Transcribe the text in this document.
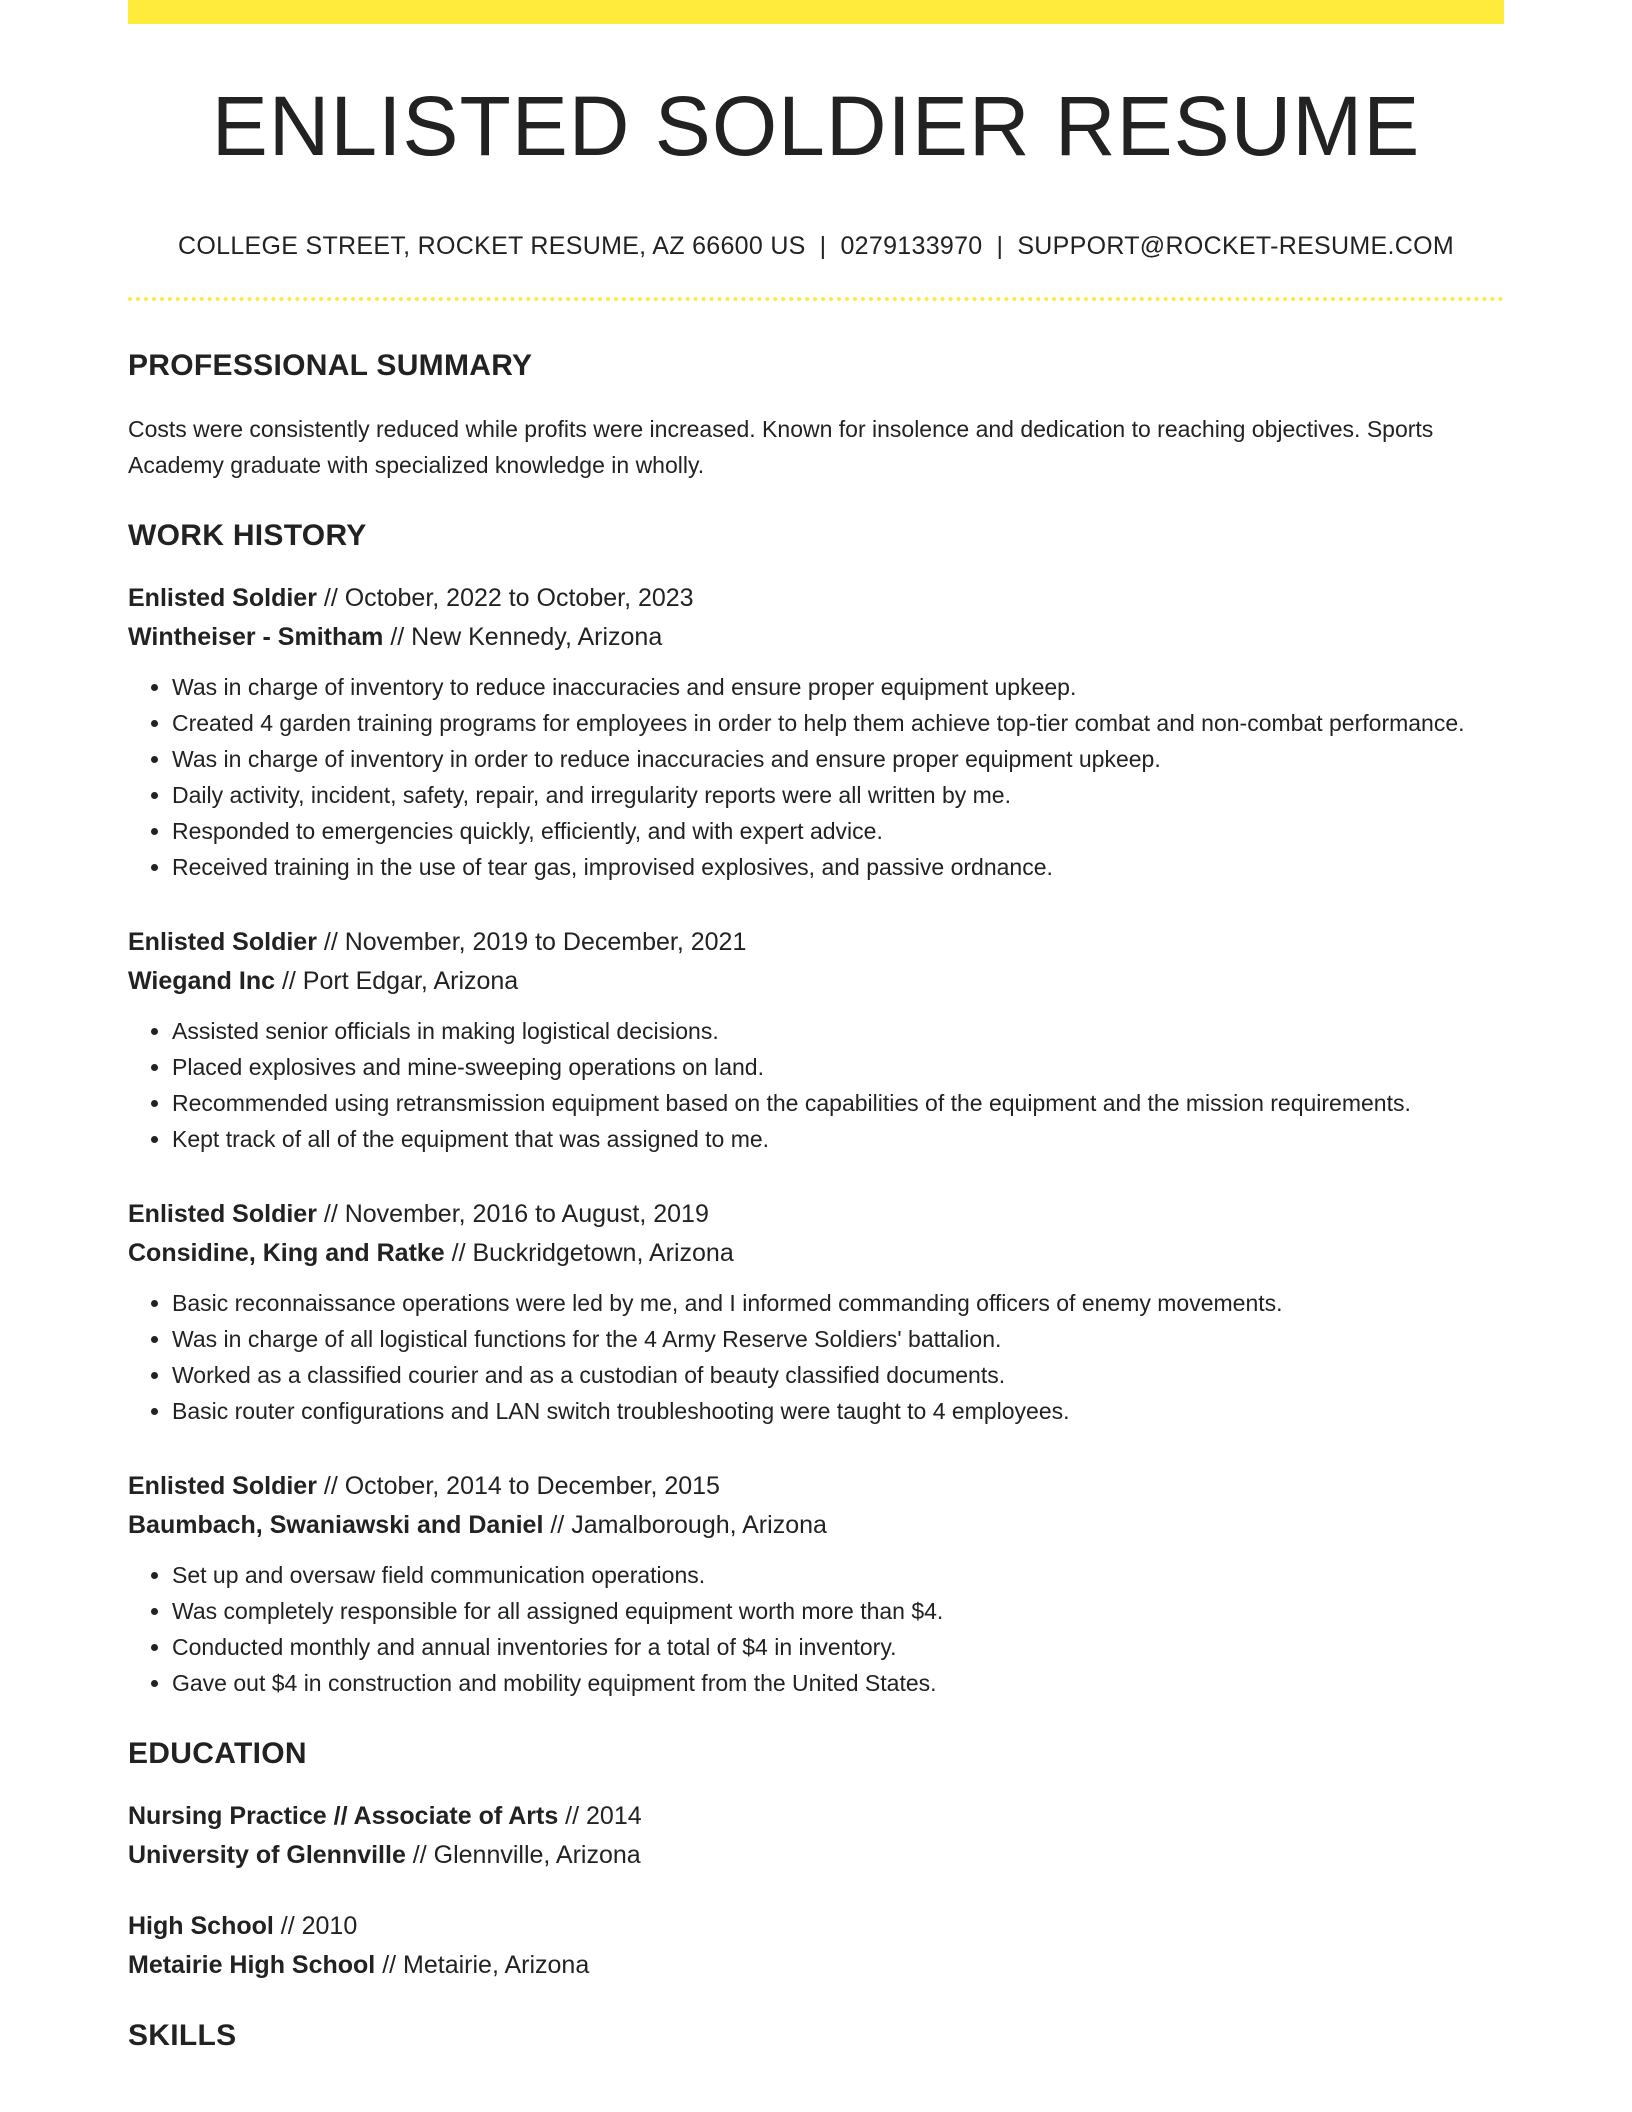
ENLISTED SOLDIER RESUME
COLLEGE STREET, ROCKET RESUME, AZ 66600 US | 0279133970 | SUPPORT@ROCKET-RESUME.COM
PROFESSIONAL SUMMARY
Costs were consistently reduced while profits were increased. Known for insolence and dedication to reaching objectives. Sports Academy graduate with specialized knowledge in wholly.
WORK HISTORY
Enlisted Soldier // October, 2022 to October, 2023
Wintheiser - Smitham // New Kennedy, Arizona
• Was in charge of inventory to reduce inaccuracies and ensure proper equipment upkeep.
• Created 4 garden training programs for employees in order to help them achieve top-tier combat and non-combat performance.
• Was in charge of inventory in order to reduce inaccuracies and ensure proper equipment upkeep.
• Daily activity, incident, safety, repair, and irregularity reports were all written by me.
• Responded to emergencies quickly, efficiently, and with expert advice.
• Received training in the use of tear gas, improvised explosives, and passive ordnance.
Enlisted Soldier // November, 2019 to December, 2021
Wiegand Inc // Port Edgar, Arizona
• Assisted senior officials in making logistical decisions.
• Placed explosives and mine-sweeping operations on land.
• Recommended using retransmission equipment based on the capabilities of the equipment and the mission requirements.
• Kept track of all of the equipment that was assigned to me.
Enlisted Soldier // November, 2016 to August, 2019
Considine, King and Ratke // Buckridgetown, Arizona
• Basic reconnaissance operations were led by me, and I informed commanding officers of enemy movements.
• Was in charge of all logistical functions for the 4 Army Reserve Soldiers' battalion.
• Worked as a classified courier and as a custodian of beauty classified documents.
• Basic router configurations and LAN switch troubleshooting were taught to 4 employees.
Enlisted Soldier // October, 2014 to December, 2015
Baumbach, Swaniawski and Daniel // Jamalborough, Arizona
• Set up and oversaw field communication operations.
• Was completely responsible for all assigned equipment worth more than $4.
• Conducted monthly and annual inventories for a total of $4 in inventory.
• Gave out $4 in construction and mobility equipment from the United States.
EDUCATION
Nursing Practice // Associate of Arts // 2014
University of Glennville // Glennville, Arizona
High School // 2010
Metairie High School // Metairie, Arizona
SKILLS
